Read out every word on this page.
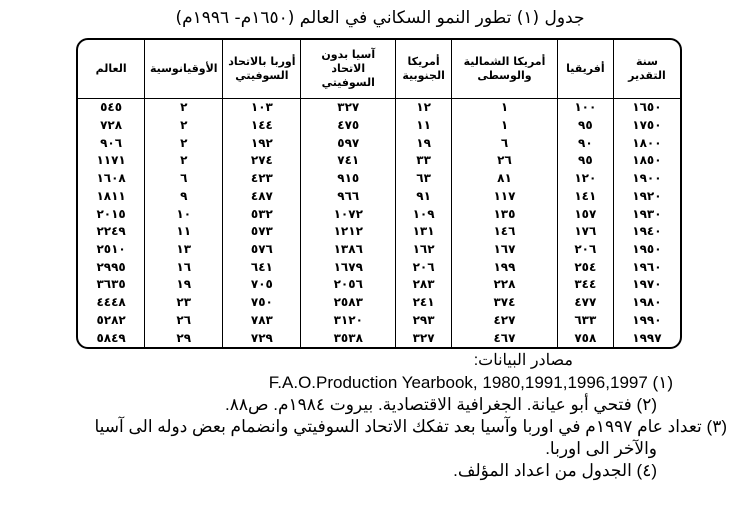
جدول (١) تطور النمو السكاني في العالم (١٦٥٠م- ١٩٩٦م)
سنة التقدير	أفريقيا	أمريكا الشمالية والوسطى	أمريكا الجنوبية	آسيا بدون الاتحاد السوفيتي	أوربا بالاتحاد السوفيتي	الأوقيانوسية	العالم
١٦٥٠	١٠٠	١	١٢	٣٢٧	١٠٣	٢	٥٤٥
١٧٥٠	٩٥	١	١١	٤٧٥	١٤٤	٢	٧٢٨
١٨٠٠	٩٠	٦	١٩	٥٩٧	١٩٢	٢	٩٠٦
١٨٥٠	٩٥	٢٦	٣٣	٧٤١	٢٧٤	٢	١١٧١
١٩٠٠	١٢٠	٨١	٦٣	٩١٥	٤٢٣	٦	١٦٠٨
١٩٢٠	١٤١	١١٧	٩١	٩٦٦	٤٨٧	٩	١٨١١
١٩٣٠	١٥٧	١٣٥	١٠٩	١٠٧٢	٥٣٢	١٠	٢٠١٥
١٩٤٠	١٧٦	١٤٦	١٣١	١٢١٢	٥٧٣	١١	٢٢٤٩
١٩٥٠	٢٠٦	١٦٧	١٦٢	١٣٨٦	٥٧٦	١٣	٢٥١٠
١٩٦٠	٢٥٤	١٩٩	٢٠٦	١٦٧٩	٦٤١	١٦	٢٩٩٥
١٩٧٠	٣٤٤	٢٢٨	٢٨٣	٢٠٥٦	٧٠٥	١٩	٣٦٣٥
١٩٨٠	٤٧٧	٣٧٤	٢٤١	٢٥٨٣	٧٥٠	٢٣	٤٤٤٨
١٩٩٠	٦٣٣	٤٢٧	٢٩٣	٣١٢٠	٧٨٣	٢٦	٥٢٨٢
١٩٩٧	٧٥٨	٤٦٧	٣٢٧	٣٥٣٨	٧٢٩	٢٩	٥٨٤٩

مصادر البيانات:

F.A.O.Production Yearbook, 1980,1991,1996,1997 (١)

(٢) فتحي أبو عيانة. الجغرافية الاقتصادية. بيروت ١٩٨٤م. ص٨٨.

(٣) تعداد عام ١٩٩٧م في اوربا وآسيا بعد تفكك الاتحاد السوفيتي وانضمام بعض دوله الى آسيا

والآخر الى اوربا.

(٤) الجدول من اعداد المؤلف.
